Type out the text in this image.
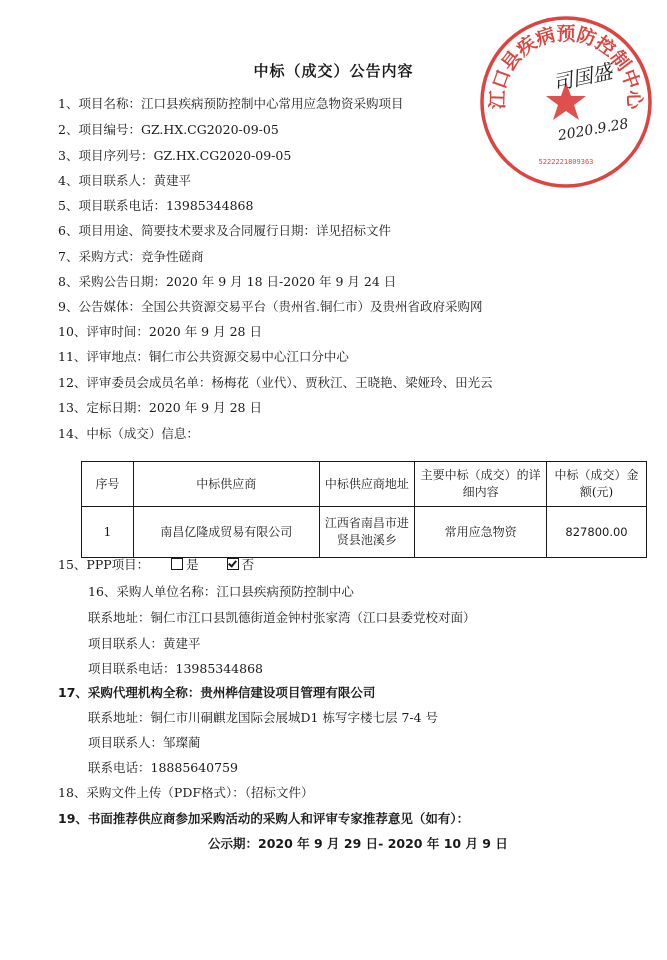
中标（成交）公告内容
1、项目名称：江口县疾病预防控制中心常用应急物资采购项目
2、项目编号：GZ.HX.CG2020-09-05
3、项目序列号：GZ.HX.CG2020-09-05
4、项目联系人：黄建平
5、项目联系电话：13985344868
6、项目用途、简要技术要求及合同履行日期：详见招标文件
7、采购方式：竞争性磋商
8、采购公告日期：2020 年 9 月 18 日-2020 年 9 月 24 日
9、公告媒体：全国公共资源交易平台（贵州省.铜仁市）及贵州省政府采购网
10、评审时间：2020 年 9 月 28 日
11、评审地点：铜仁市公共资源交易中心江口分中心
12、评审委员会成员名单：杨梅花（业代）、贾秋江、王晓艳、梁娅玲、田光云
13、定标日期：2020 年 9 月 28 日
14、中标（成交）信息：
序号	中标供应商	中标供应商地址	主要中标（成交）的详细内容	中标（成交）金额(元)
1	南昌亿隆成贸易有限公司	江西省南昌市进贤县池溪乡	常用应急物资	827800.00
15、PPP项目：	是	否
16、采购人单位名称：江口县疾病预防控制中心
联系地址：铜仁市江口县凯德街道金钟村张家湾（江口县委党校对面）
项目联系人：黄建平
项目联系电话：13985344868
17、采购代理机构全称：贵州桦信建设项目管理有限公司
联系地址：铜仁市川硐麒龙国际会展城D1 栋写字楼七层 7-4 号
项目联系人：邹璨蔺
联系电话：18885640759
18、采购文件上传（PDF格式）：（招标文件）
19、书面推荐供应商参加采购活动的采购人和评审专家推荐意见（如有）：
公示期：2020 年 9 月 29 日- 2020 年 10 月 9 日
江口县疾病预防控制中心
5222221809363
司国盛
2020.9.28
